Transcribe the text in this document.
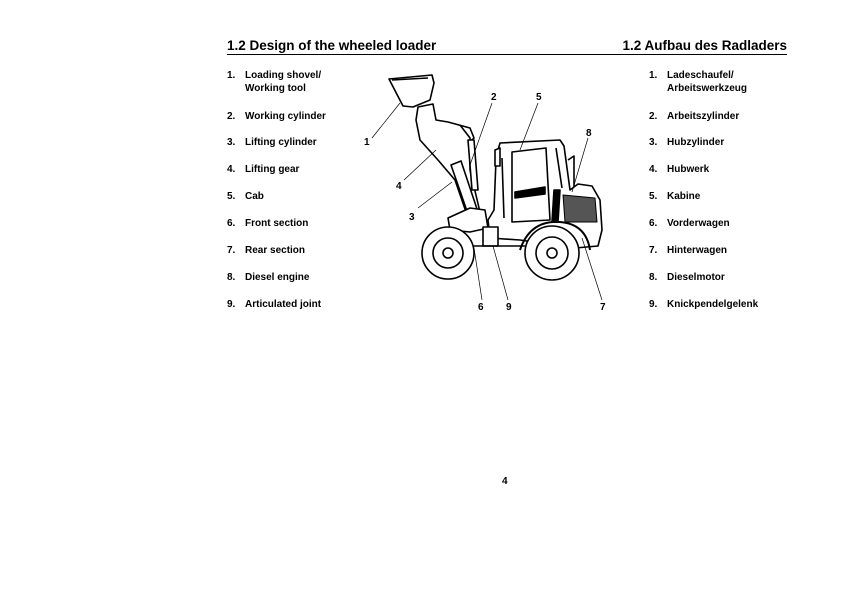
1.2 Design of the wheeled loader	1.2 Aufbau des Radladers
1. Loading shovel/
Working tool
2. Working cylinder
3. Lifting cylinder
4. Lifting gear
5. Cab
6. Front section
7. Rear section
8. Diesel engine
9. Articulated joint
1. Ladeschaufel/
Arbeitswerkzeug
2. Arbeitszylinder
3. Hubzylinder
4. Hubwerk
5. Kabine
6. Vorderwagen
7. Hinterwagen
8. Dieselmotor
9. Knickpendelgelenk
1
2
3
4
5
6	7
8
9
4
